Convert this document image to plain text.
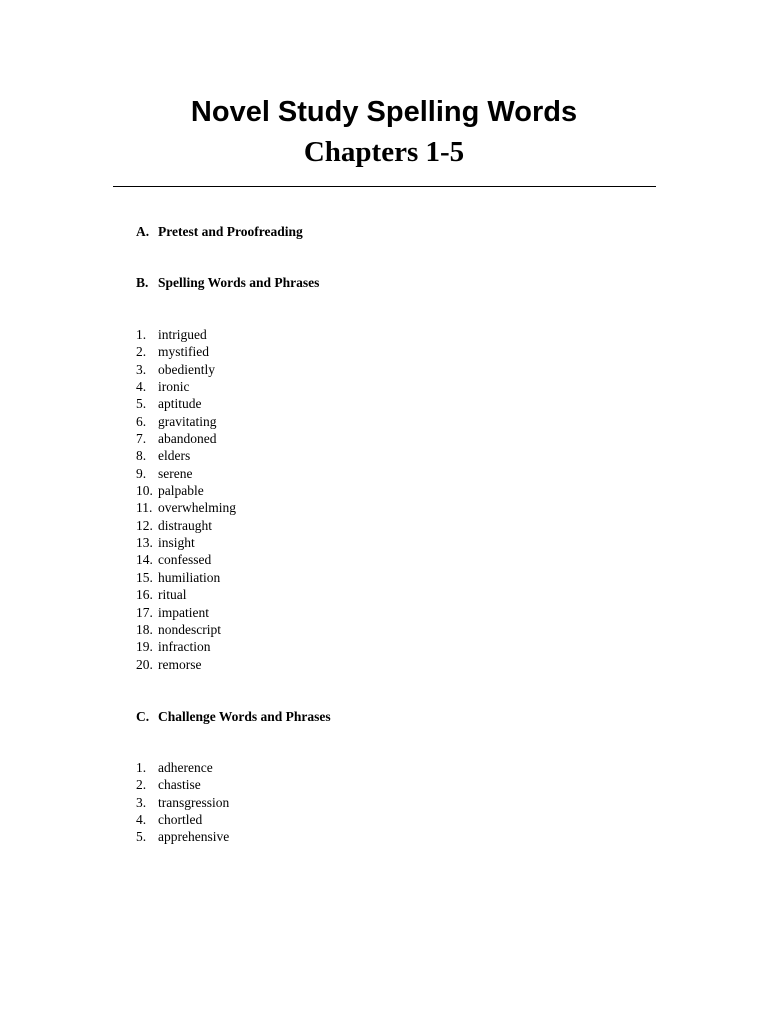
Novel Study Spelling Words
Chapters 1-5
A. Pretest and Proofreading
B. Spelling Words and Phrases
1. intrigued
2. mystified
3. obediently
4. ironic
5. aptitude
6. gravitating
7. abandoned
8. elders
9. serene
10. palpable
11. overwhelming
12. distraught
13. insight
14. confessed
15. humiliation
16. ritual
17. impatient
18. nondescript
19. infraction
20. remorse
C. Challenge Words and Phrases
1. adherence
2. chastise
3. transgression
4. chortled
5. apprehensive
